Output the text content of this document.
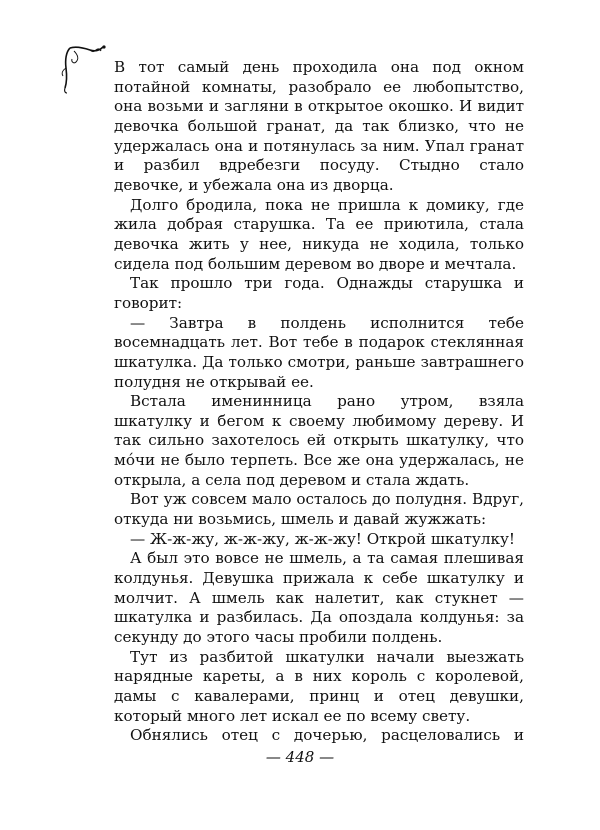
В тот самый день проходила она под окном потайной комнаты, разобрало ее любопытство, она возьми и загляни в открытое окошко. И видит девочка большой гранат, да так близко, что не удержалась она и потянулась за ним. Упал гранат и разбил вдребезги посуду. Стыдно стало девочке, и убежала она из дворца.

Долго бродила, пока не пришла к домику, где жила добрая старушка. Та ее приютила, стала девочка жить у нее, никуда не ходила, только сидела под большим деревом во дворе и мечтала.

Так прошло три года. Однажды старушка и говорит:

— Завтра в полдень исполнится тебе восемнадцать лет. Вот тебе в подарок стеклянная шкатулка. Да только смотри, раньше завтрашнего полудня не открывай ее.

Встала именинница рано утром, взяла шкатулку и бегом к своему любимому дереву. И так сильно захотелось ей открыть шкатулку, что мо́чи не было терпеть. Все же она удержалась, не открыла, а села под деревом и стала ждать.

Вот уж совсем мало осталось до полудня. Вдруг, откуда ни возьмись, шмель и давай жужжать:

— Ж-ж-жу, ж-ж-жу, ж-ж-жу! Открой шкатулку!

А был это вовсе не шмель, а та самая плешивая колдунья. Девушка прижала к себе шкатулку и молчит. А шмель как налетит, как стукнет — шкатулка и разбилась. Да опоздала колдунья: за секунду до этого часы пробили полдень.

Тут из разбитой шкатулки начали выезжать нарядные кареты, а в них король с королевой, дамы с кавалерами, принц и отец девушки, который много лет искал ее по всему свету.

Обнялись отец с дочерью, расцеловались и

— 448 —
